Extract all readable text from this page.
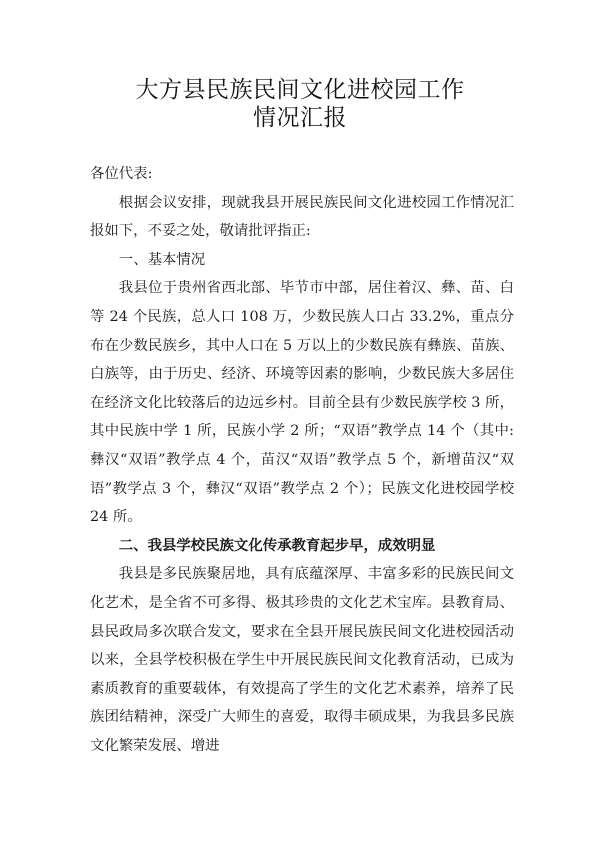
大方县民族民间文化进校园工作
情况汇报

各位代表:

根据会议安排，现就我县开展民族民间文化进校园工作情况汇报如下，不妥之处，敬请批评指正:

一、基本情况

我县位于贵州省西北部、毕节市中部，居住着汉、彝、苗、白等 24 个民族，总人口 108 万，少数民族人口占 33.2%，重点分布在少数民族乡，其中人口在 5 万以上的少数民族有彝族、苗族、白族等，由于历史、经济、环境等因素的影响，少数民族大多居住在经济文化比较落后的边远乡村。目前全县有少数民族学校 3 所，其中民族中学 1 所，民族小学 2 所；“双语”教学点 14 个（其中:彝汉“双语”教学点 4 个，苗汉“双语”教学点 5 个，新增苗汉“双语”教学点 3 个，彝汉“双语”教学点 2 个）；民族文化进校园学校 24 所。

二、我县学校民族文化传承教育起步早，成效明显

我县是多民族聚居地，具有底蕴深厚、丰富多彩的民族民间文化艺术，是全省不可多得、极其珍贵的文化艺术宝库。县教育局、县民政局多次联合发文，要求在全县开展民族民间文化进校园活动以来，全县学校积极在学生中开展民族民间文化教育活动，已成为素质教育的重要载体，有效提高了学生的文化艺术素养，培养了民族团结精神，深受广大师生的喜爱，取得丰硕成果，为我县多民族文化繁荣发展、增进
